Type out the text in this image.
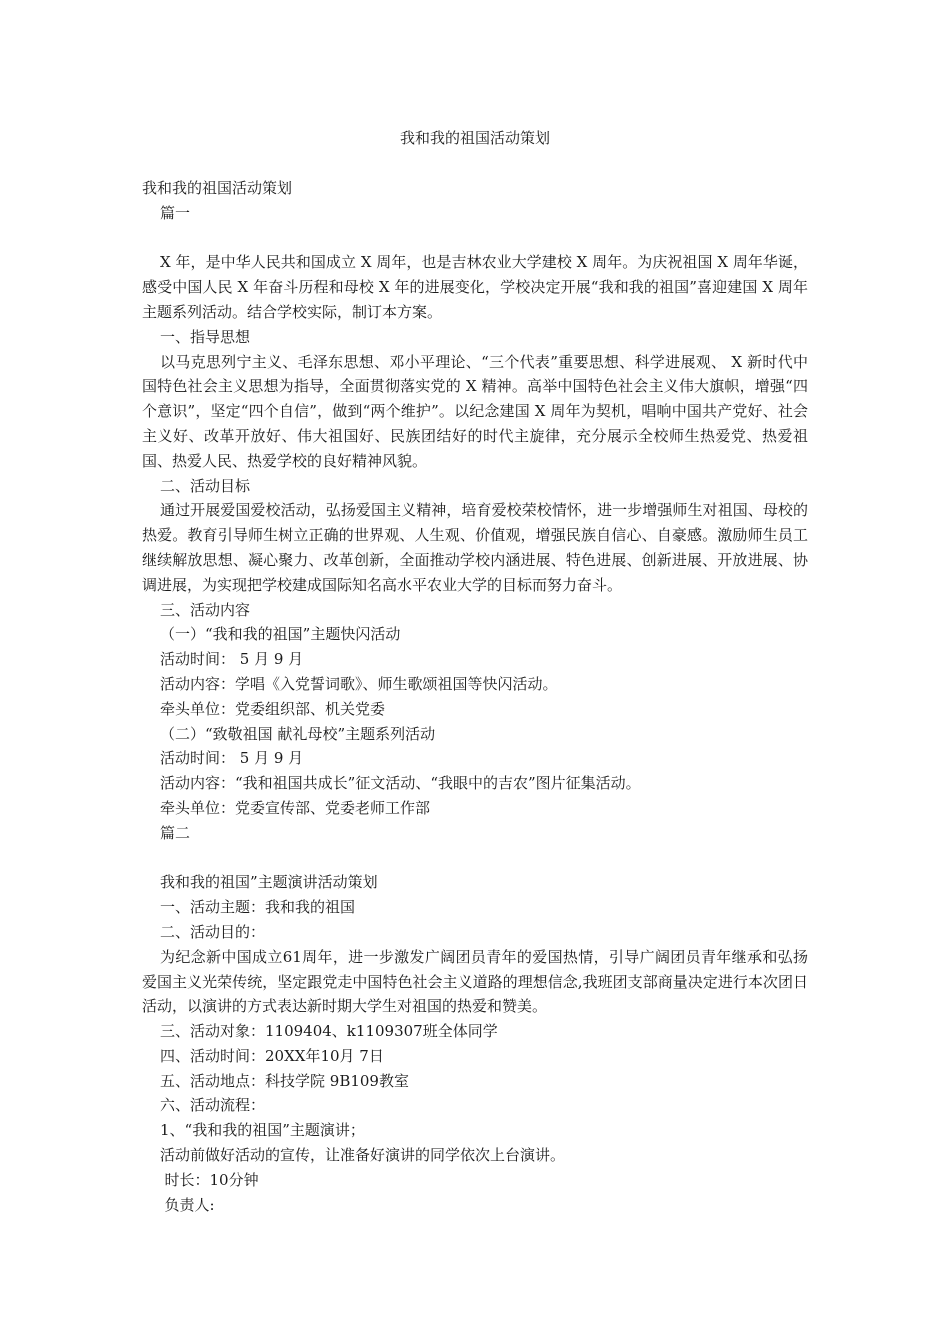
我和我的祖国活动策划

我和我的祖国活动策划

篇一

X 年，是中华人民共和国成立 X 周年，也是吉林农业大学建校 X 周年。为庆祝祖国 X 周年华诞，感受中国人民 X 年奋斗历程和母校 X 年的进展变化，学校决定开展“我和我的祖国”喜迎建国 X 周年主题系列活动。结合学校实际，制订本方案。

一、指导思想

以马克思列宁主义、毛泽东思想、邓小平理论、“三个代表”重要思想、科学进展观、 X 新时代中国特色社会主义思想为指导，全面贯彻落实党的 X 精神。高举中国特色社会主义伟大旗帜，增强“四个意识”，坚定“四个自信”，做到“两个维护”。以纪念建国 X 周年为契机，唱响中国共产党好、社会主义好、改革开放好、伟大祖国好、民族团结好的时代主旋律，充分展示全校师生热爱党、热爱祖国、热爱人民、热爱学校的良好精神风貌。

二、活动目标

通过开展爱国爱校活动，弘扬爱国主义精神，培育爱校荣校情怀，进一步增强师生对祖国、母校的热爱。教育引导师生树立正确的世界观、人生观、价值观，增强民族自信心、自豪感。激励师生员工继续解放思想、凝心聚力、改革创新，全面推动学校内涵进展、特色进展、创新进展、开放进展、协调进展，为实现把学校建成国际知名高水平农业大学的目标而努力奋斗。

三、活动内容

（一）“我和我的祖国”主题快闪活动

活动时间： 5 月 9 月

活动内容：学唱《入党誓词歌》、师生歌颂祖国等快闪活动。

牵头单位：党委组织部、机关党委

（二）“致敬祖国 献礼母校”主题系列活动

活动时间： 5 月 9 月

活动内容：“我和祖国共成长”征文活动、“我眼中的吉农”图片征集活动。

牵头单位：党委宣传部、党委老师工作部

篇二

我和我的祖国”主题演讲活动策划

一、活动主题：我和我的祖国

二、活动目的：

为纪念新中国成立61周年，进一步激发广阔团员青年的爱国热情，引导广阔团员青年继承和弘扬爱国主义光荣传统，坚定跟党走中国特色社会主义道路的理想信念,我班团支部商量决定进行本次团日活动，以演讲的方式表达新时期大学生对祖国的热爱和赞美。

三、活动对象：1109404、k1109307班全体同学

四、活动时间：20XX年10月 7日

五、活动地点：科技学院 9B109教室

六、活动流程：

1、“我和我的祖国”主题演讲；

活动前做好活动的宣传，让准备好演讲的同学依次上台演讲。

时长：10分钟

负责人:
